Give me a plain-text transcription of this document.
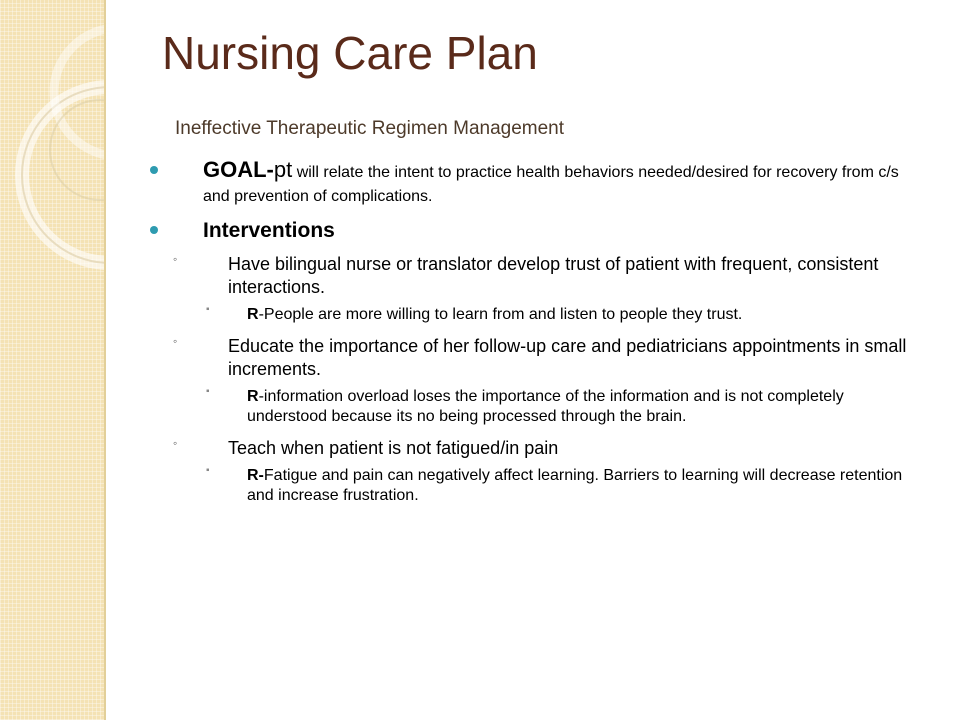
Nursing Care Plan
Ineffective Therapeutic Regimen Management
GOAL-pt will relate the intent to practice health behaviors needed/desired for recovery from c/s and prevention of complications.
Interventions
◦	Have bilingual nurse or translator develop trust of patient with frequent, consistent interactions.
▪ R-People are more willing to learn from and listen to people they trust.
◦	Educate the importance of her follow-up care and pediatricians appointments in small increments.
▪ R-information overload loses the importance of the information and is not completely understood because its no being processed through the brain.
◦	Teach when patient is not fatigued/in pain
▪ R-Fatigue and pain can negatively affect learning. Barriers to learning will decrease retention and increase frustration.
